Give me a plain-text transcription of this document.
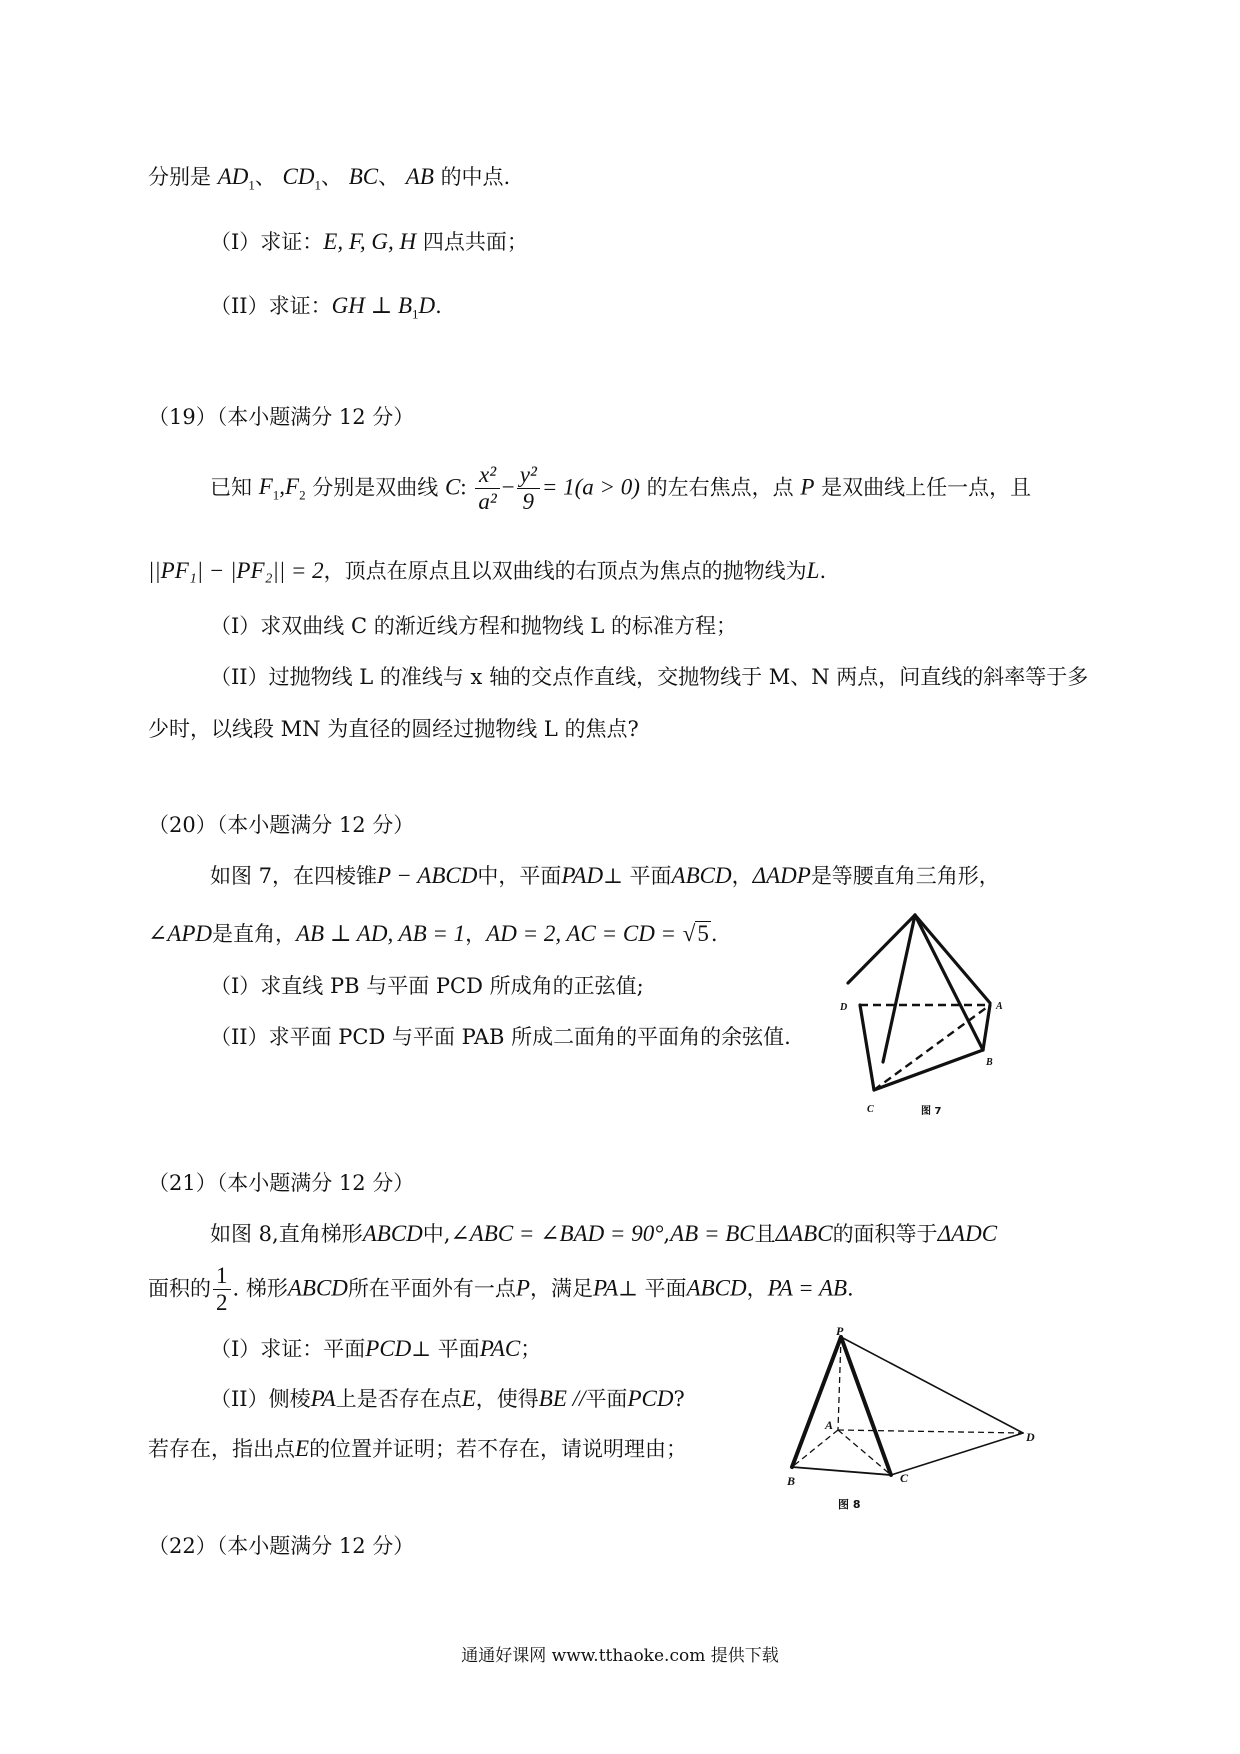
分别是 $AD_1$、 $CD_1$、 BC、 AB 的中点.
（I）求证：E, F, G, H 四点共面；
（II）求证：GH ⊥ $B_1D$.
（19）（本小题满分 12 分）
已知 $F_1,F_2$ 分别是双曲线 C: $\frac{\text{x²}}{\text{a²}} - \frac{\text{y²}}{9} = 1(a > 0)$ 的左右焦点，点 P 是双曲线上任一点，且
||PF₁| − |PF₂|| = 2，顶点在原点且以双曲线的右顶点为焦点的抛物线为L.
（I）求双曲线 C 的渐近线方程和抛物线 L 的标准方程；
（II）过抛物线 L 的准线与 x 轴的交点作直线，交抛物线于 M、N 两点，问直线的斜率等于多
少时，以线段 MN 为直径的圆经过抛物线 L 的焦点?
（20）（本小题满分 12 分）
如图 7，在四棱锥P − ABCD中，平面PAD⊥ 平面ABCD，ΔADP是等腰直角三角形，
∠APD是直角，AB ⊥ AD, AB = 1，AD = 2, AC = CD = √5.
（I）求直线 PB 与平面 PCD 所成角的正弦值;
（II）求平面 PCD 与平面 PAB 所成二面角的平面角的余弦值.
D	A
B
C	图 7
（21）（本小题满分 12 分）
如图 8,直角梯形ABCD中,∠ABC = ∠BAD = 90°,AB = BC且ΔABC的面积等于ΔADC
面积的 $\frac{1}{2}$ . 梯形ABCD所在平面外有一点P，满足PA⊥ 平面ABCD，PA = AB.
（I）求证：平面PCD⊥ 平面PAC；
（II）侧棱PA上是否存在点E，使得BE //平面PCD?
若存在，指出点E的位置并证明；若不存在，请说明理由；
P
A
B	C
D
图 8
（22）（本小题满分 12 分）
通通好课网 www.tthaoke.com 提供下载
